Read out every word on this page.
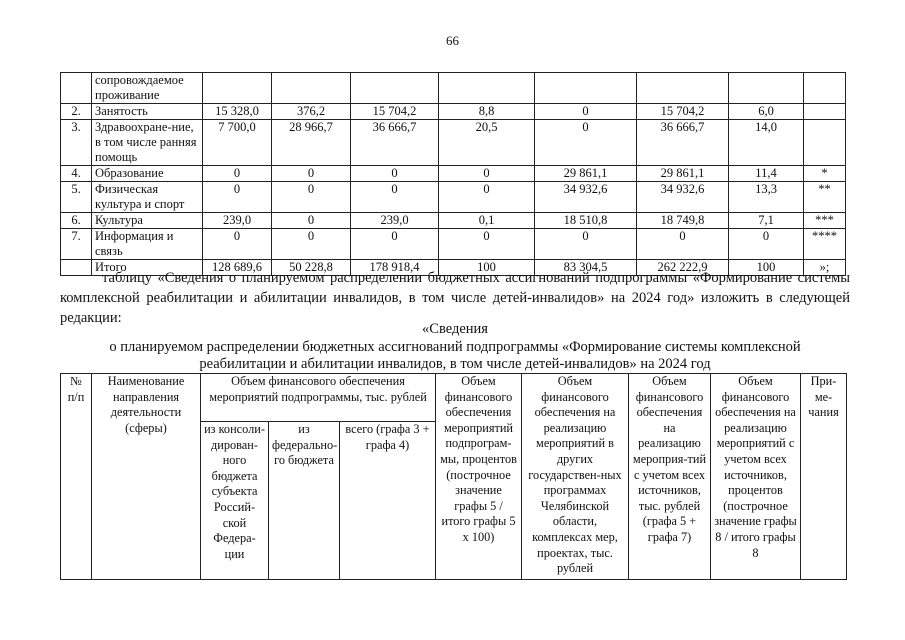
66
	сопровождаемое проживание								
2.	Занятость	15 328,0	376,2	15 704,2	8,8	0	15 704,2	6,0	
3.	Здравоохране-ние, в том числе ранняя помощь	7 700,0	28 966,7	36 666,7	20,5	0	36 666,7	14,0	
4.	Образование	0	0	0	0	29 861,1	29 861,1	11,4	*
5.	Физическая культура и спорт	0	0	0	0	34 932,6	34 932,6	13,3	**
6.	Культура	239,0	0	239,0	0,1	18 510,8	18 749,8	7,1	***
7.	Информация и связь	0	0	0	0	0	0	0	****
	Итого	128 689,6	50 228,8	178 918,4	100	83 304,5	262 222,9	100	»;
таблицу «Сведения о планируемом распределении бюджетных ассигнований подпрограммы «Формирование системы комплексной реабилитации и абилитации инвалидов, в том числе детей-инвалидов» на 2024 год» изложить в следующей редакции:
«Сведения
о планируемом распределении бюджетных ассигнований подпрограммы «Формирование системы комплексной
реабилитации и абилитации инвалидов, в том числе детей-инвалидов» на 2024 год
№ п/п	Наименование направления деятельности (сферы)	Объем финансового обеспечения мероприятий подпрограммы, тыс. рублей			Объем финансового обеспечения мероприятий подпрограм-мы, процентов (построчное значение графы 5 / итого графы 5 х 100)	Объем финансового обеспечения на реализацию мероприятий в других государствен-ных программах Челябинской области, комплексах мер, проектах, тыс. рублей	Объем финансового обеспечения на реализацию мероприя-тий с учетом всех источников, тыс. рублей (графа 5 + графа 7)	Объем финансового обеспечения на реализацию мероприятий с учетом всех источников, процентов (построчное значение графы 8 / итого графы 8	При-ме-чания
		из консоли-дирован-ного бюджета субъекта Россий-ской Федера-ции	из федерально-го бюджета	всего (графа 3 + графа 4)					
